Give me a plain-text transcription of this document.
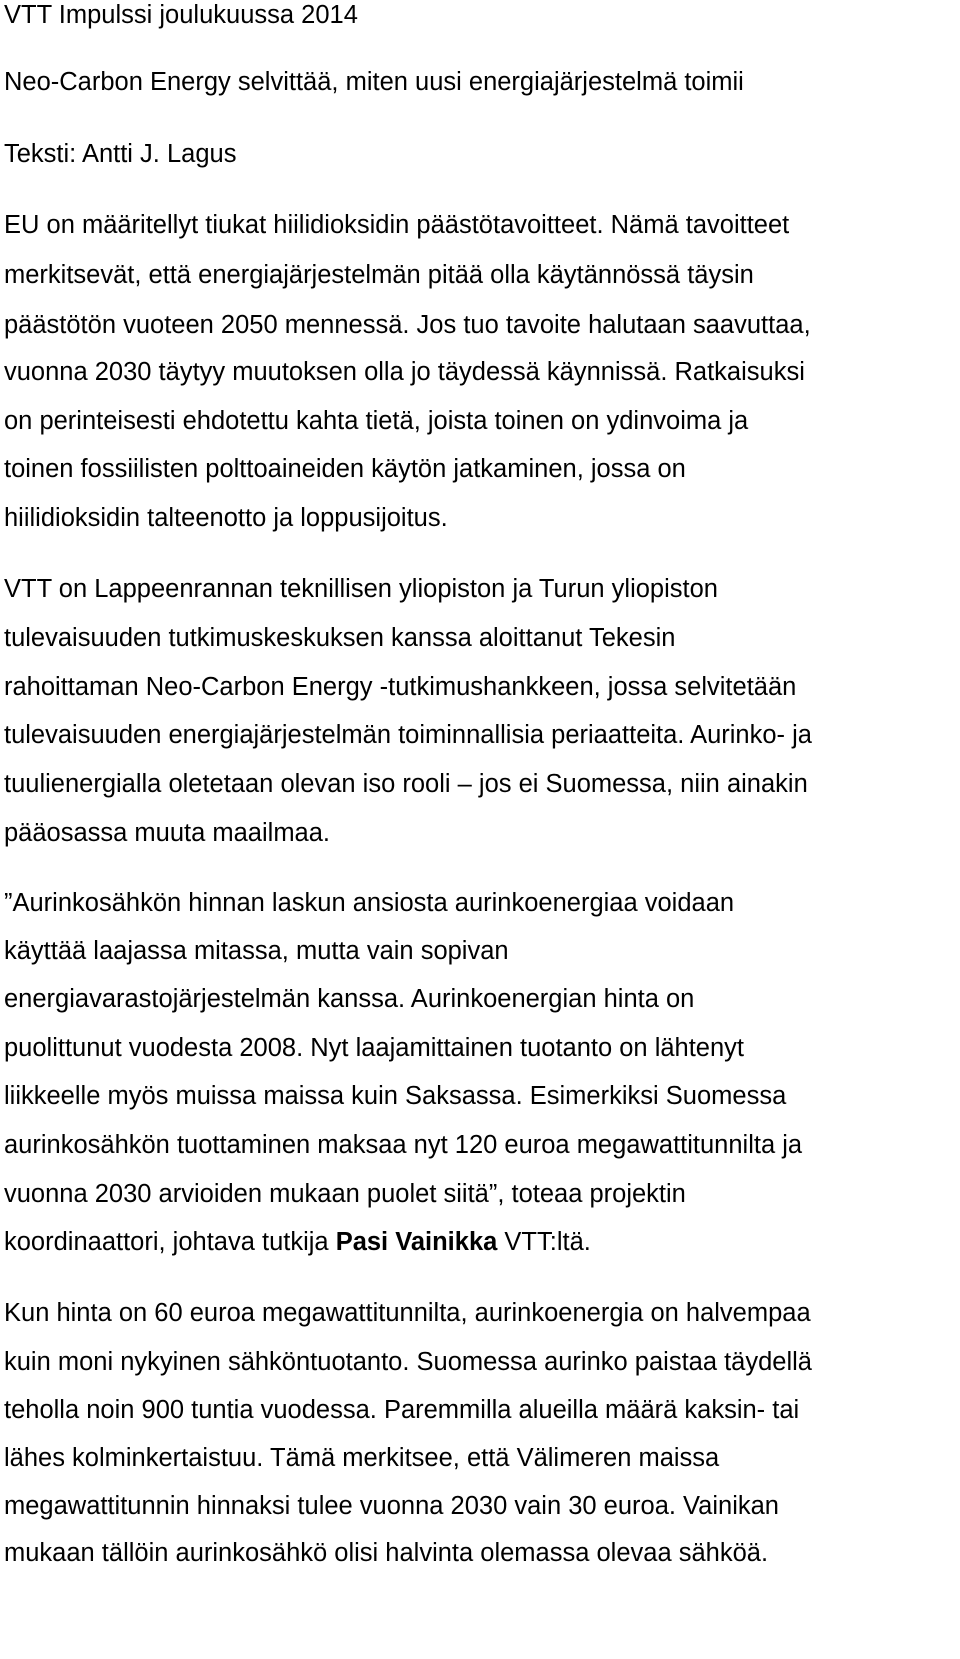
VTT Impulssi joulukuussa 2014

Neo-Carbon Energy selvittää, miten uusi energiajärjestelmä toimii

Teksti: Antti J. Lagus

EU on määritellyt tiukat hiilidioksidin päästötavoitteet. Nämä tavoitteet

merkitsevät, että energiajärjestelmän pitää olla käytännössä täysin

päästötön vuoteen 2050 mennessä. Jos tuo tavoite halutaan saavuttaa,

vuonna 2030 täytyy muutoksen olla jo täydessä käynnissä. Ratkaisuksi

on perinteisesti ehdotettu kahta tietä, joista toinen on ydinvoima ja

toinen fossiilisten polttoaineiden käytön jatkaminen, jossa on

hiilidioksidin talteenotto ja loppusijoitus.

VTT on Lappeenrannan teknillisen yliopiston ja Turun yliopiston

tulevaisuuden tutkimuskeskuksen kanssa aloittanut Tekesin

rahoittaman Neo-Carbon Energy -tutkimushankkeen, jossa selvitetään

tulevaisuuden energiajärjestelmän toiminnallisia periaatteita. Aurinko- ja

tuulienergialla oletetaan olevan iso rooli – jos ei Suomessa, niin ainakin

pääosassa muuta maailmaa.

”Aurinkosähkön hinnan laskun ansiosta aurinkoenergiaa voidaan

käyttää laajassa mitassa, mutta vain sopivan

energiavarastojärjestelmän kanssa. Aurinkoenergian hinta on

puolittunut vuodesta 2008. Nyt laajamittainen tuotanto on lähtenyt

liikkeelle myös muissa maissa kuin Saksassa. Esimerkiksi Suomessa

aurinkosähkön tuottaminen maksaa nyt 120 euroa megawattitunnilta ja

vuonna 2030 arvioiden mukaan puolet siitä”, toteaa projektin

koordinaattori, johtava tutkija Pasi Vainikka VTT:ltä.

Kun hinta on 60 euroa megawattitunnilta, aurinkoenergia on halvempaa

kuin moni nykyinen sähköntuotanto. Suomessa aurinko paistaa täydellä

teholla noin 900 tuntia vuodessa. Paremmilla alueilla määrä kaksin- tai

lähes kolminkertaistuu. Tämä merkitsee, että Välimeren maissa

megawattitunnin hinnaksi tulee vuonna 2030 vain 30 euroa. Vainikan

mukaan tällöin aurinkosähkö olisi halvinta olemassa olevaa sähköä.
